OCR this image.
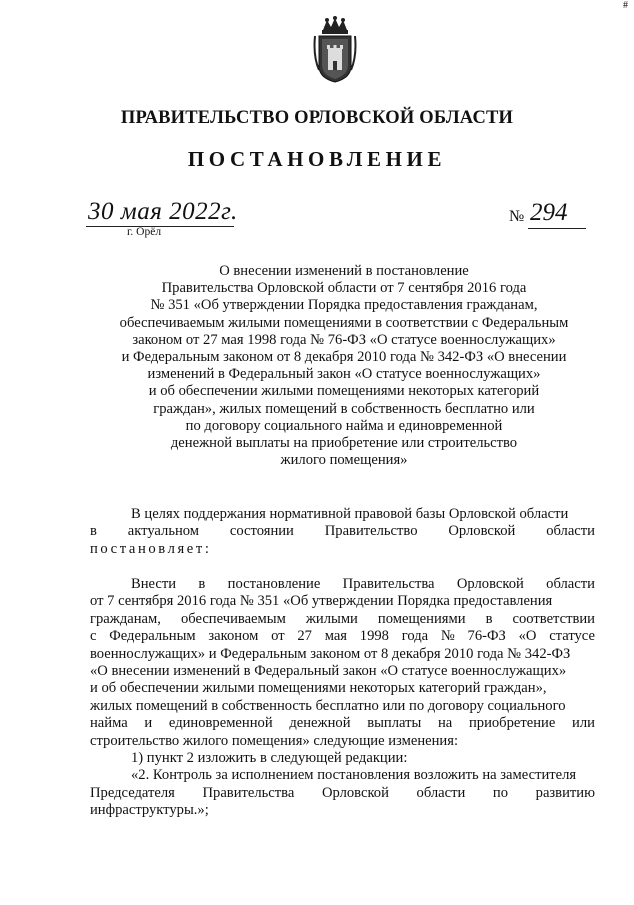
#
ПРАВИТЕЛЬСТВО ОРЛОВСКОЙ ОБЛАСТИ
ПОСТАНОВЛЕНИЕ
30 мая 2022г.
г. Орёл
№ 294
О внесении изменений в постановление
Правительства Орловской области от 7 сентября 2016 года
№ 351 «Об утверждении Порядка предоставления гражданам,
обеспечиваемым жилыми помещениями в соответствии с Федеральным
законом от 27 мая 1998 года № 76-ФЗ «О статусе военнослужащих»
и Федеральным законом от 8 декабря 2010 года № 342-ФЗ «О внесении
изменений в Федеральный закон «О статусе военнослужащих»
и об обеспечении жилыми помещениями некоторых категорий
граждан», жилых помещений в собственность бесплатно или
по договору социального найма и единовременной
денежной выплаты на приобретение или строительство
жилого помещения»
В целях поддержания нормативной правовой базы Орловской области
в актуальном состоянии Правительство Орловской области
постановляет:
Внести в постановление Правительства Орловской области
от 7 сентября 2016 года № 351 «Об утверждении Порядка предоставления
гражданам, обеспечиваемым жилыми помещениями в соответствии
с Федеральным законом от 27 мая 1998 года № 76-ФЗ «О статусе
военнослужащих» и Федеральным законом от 8 декабря 2010 года № 342-ФЗ
«О внесении изменений в Федеральный закон «О статусе военнослужащих»
и об обеспечении жилыми помещениями некоторых категорий граждан»,
жилых помещений в собственность бесплатно или по договору социального
найма и единовременной денежной выплаты на приобретение или
строительство жилого помещения» следующие изменения:
1) пункт 2 изложить в следующей редакции:
«2. Контроль за исполнением постановления возложить на заместителя
Председателя Правительства Орловской области по развитию
инфраструктуры.»;
